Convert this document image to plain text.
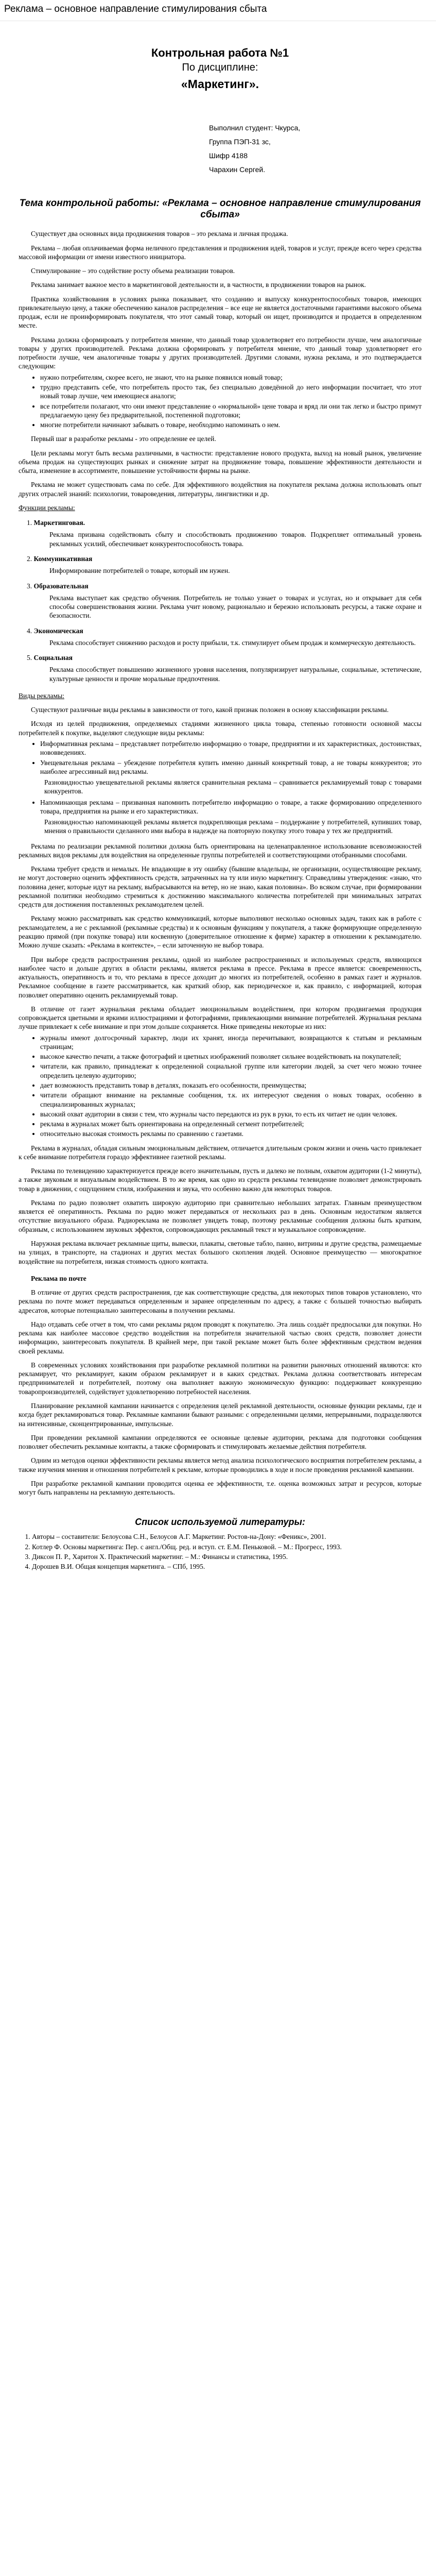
Реклама – основное направление стимулирования сбыта
Контрольная работа №1
По дисциплине:
«Маркетинг».
Выполнил студент: Чкурса,
Группа ПЭП-31 зс,
Шифр 4188
Чарахин Сергей.
Тема контрольной работы: «Реклама – основное направление стимулирования сбыта»

Существует два основных вида продвижения товаров – это реклама и личная продажа.

Реклама – любая оплачиваемая форма неличного представления и продвижения идей, товаров и услуг, прежде всего через средства массовой информации от имени известного инициатора.

Стимулирование – это содействие росту объема реализации товаров.

Реклама занимает важное место в маркетинговой деятельности и, в частности, в продвижении товаров на рынок.

Практика хозяйствования в условиях рынка показывает, что созданию и выпуску конкурентоспособных товаров, имеющих привлекательную цену, а также обеспечению каналов распределения – все еще не является достаточными гарантиями высокого объема продаж, если не проинформировать покупателя, что этот самый товар, который он ищет, производится и продается в определенном месте.

Реклама должна сформировать у потребителя мнение, что данный товар удовлетворяет его потребности лучше, чем аналогичные товары у других производителей. Реклама должна сформировать у потребителя мнение, что данный товар удовлетворяет его потребности лучше, чем аналогичные товары у других производителей. Другими словами, нужна реклама, и это подтверждается следующим:

• нужно потребителям, скорее всего, не знают, что на рынке появился новый товар;
• трудно представить себе, что потребитель просто так, без специально доведённой до него информации посчитает, что этот новый товар лучше, чем имеющиеся аналоги;
• все потребители полагают, что они имеют представление о «нормальной» цене товара и вряд ли они так легко и быстро примут предлагаемую цену без предварительной, постепенной подготовки;
• многие потребители начинают забывать о товаре, необходимо напоминать о нем.

Первый шаг в разработке рекламы - это определение ее целей.

Цели рекламы могут быть весьма различными, в частности: представление нового продукта, выход на новый рынок, увеличение объема продаж на существующих рынках и снижение затрат на продвижение товара, повышение эффективности деятельности и сбыта, изменение в ассортименте, повышение устойчивости фирмы на рынке.

Реклама не может существовать сама по себе. Для эффективного воздействия на покупателя реклама должна использовать опыт других отраслей знаний: психологии, товароведения, литературы, лингвистики и др.

Функции рекламы:

1. Маркетинговая.
Реклама призвана содействовать сбыту и способствовать продвижению товаров. Подкрепляет оптимальный уровень рекламных усилий, обеспечивает конкурентоспособность товара.
2. Коммуникативная
Информирование потребителей о товаре, который им нужен.
3. Образовательная
Реклама выступает как средство обучения. Потребитель не только узнает о товарах и услугах, но и открывает для себя способы совершенствования жизни. Реклама учит новому, рационально и бережно использовать ресурсы, а также охране и безопасности.
4. Экономическая
Реклама способствует снижению расходов и росту прибыли, т.к. стимулирует объем продаж и коммерческую деятельность.
5. Социальная
Реклама способствует повышению жизненного уровня населения, популяризирует натуральные, социальные, эстетические, культурные ценности и прочие моральные предпочтения.

Виды рекламы:

Существуют различные виды рекламы в зависимости от того, какой признак положен в основу классификации рекламы.

Исходя из целей продвижения, определяемых стадиями жизненного цикла товара, степенью готовности основной массы потребителей к покупке, выделяют следующие виды рекламы:

• Информативная реклама – представляет потребителю информацию о товаре, предприятии и их характеристиках, достоинствах, нововведениях.
• Увещевательная реклама – убеждение потребителя купить именно данный конкретный товар, а не товары конкурентов; это наиболее агрессивный вид рекламы.

Разновидностью увещевательной рекламы является сравнительная реклама – сравнивается рекламируемый товар с товарами конкурентов.

• Напоминающая реклама – призванная напомнить потребителю информацию о товаре, а также формированию определенного товара, предприятия на рынке и его характеристиках.

Разновидностью напоминающей рекламы является подкрепляющая реклама – поддержание у потребителей, купивших товар, мнения о правильности сделанного ими выбора в надежде на повторную покупку этого товара у тех же предприятий.

Реклама по реализации рекламной политики должна быть ориентирована на целенаправленное использование всевозможностей рекламных видов рекламы для воздействия на определенные группы потребителей и соответствующими отобранными способами.

Реклама требует средств и немалых. Не впадающие в эту ошибку (бывшие владельцы, не организации, осуществляющие рекламу, не могут достоверно оценить эффективность средств, затраченных на ту или иную маркетингу. Справедливы утверждения: «знаю, что половина денег, которые идут на рекламу, выбрасываются на ветер, но не знаю, какая половина». Во всяком случае, при формировании рекламной политики необходимо стремиться к достижению максимального количества потребителей при минимальных затратах средств для достижения поставленных рекламодателем целей.

Рекламу можно рассматривать как средство коммуникаций, которые выполняют несколько основных задач, таких как в работе с рекламодателем, а не с рекламной (рекламные средства) и к основным функциям у покупателя, а также формирующие определенную реакцию прямой (при покупке товара) или косвенную (доверительное отношение к фирме) характер в отношении к рекламодателю. Можно лучше сказать: «Реклама в контексте», – если заточенную не выбор товара.

При выборе средств распространения рекламы, одной из наиболее распространенных и используемых средств, являющихся наиболее часто и дольше других в области рекламы, является реклама в прессе. Реклама в прессе является: своевременность, актуальность, оперативность и то, что реклама в прессе доходит до многих из потребителей, особенно в рамках газет и журналов. Рекламное сообщение в газете рассматривается, как краткий обзор, как периодическое и, как правило, с информацией, которая позволяет оперативно оценить рекламируемый товар.

В отличие от газет журнальная реклама обладает эмоциональным воздействием, при котором продвигаемая продукция сопровождается цветными и яркими иллюстрациями и фотографиями, привлекающими внимание потребителей. Журнальная реклама лучше привлекает к себе внимание и при этом дольше сохраняется. Ниже приведены некоторые из них:

• журналы имеют долгосрочный характер, люди их хранят, иногда перечитывают, возвращаются к статьям и рекламным страницам;
• высокое качество печати, а также фотографий и цветных изображений позволяет сильнее воздействовать на покупателей;
• читатели, как правило, принадлежат к определенной социальной группе или категории людей, за счет чего можно точнее определить целевую аудиторию;
• дает возможность представить товар в деталях, показать его особенности, преимущества;
• читатели обращают внимание на рекламные сообщения, т.к. их интересуют сведения о новых товарах, особенно в специализированных журналах;
• высокий охват аудитории в связи с тем, что журналы часто передаются из рук в руки, то есть их читает не один человек.
• реклама в журналах может быть ориентирована на определенный сегмент потребителей;
• относительно высокая стоимость рекламы по сравнению с газетами.

Реклама в журналах, обладая сильным эмоциональным действием, отличается длительным сроком жизни и очень часто привлекает к себе внимание потребителя гораздо эффективнее газетной рекламы.

Реклама по телевидению характеризуется прежде всего значительным, пусть и далеко не полным, охватом аудитории (1-2 минуты), а также звуковым и визуальным воздействием. В то же время, как одно из средств рекламы телевидение позволяет демонстрировать товар в движении, с ощущением стиля, изображения и звука, что особенно важно для некоторых товаров.

Реклама по радио позволяет охватить широкую аудиторию при сравнительно небольших затратах. Главным преимуществом является её оперативность. Реклама по радио может передаваться от нескольких раз в день. Основным недостатком является отсутствие визуального образа. Радиореклама не позволяет увидеть товар, поэтому рекламные сообщения должны быть кратким, образным, с использованием звуковых эффектов, сопровождающих рекламный текст и музыкальное сопровождение.

Наружная реклама включает рекламные щиты, вывески, плакаты, световые табло, панно, витрины и другие средства, размещаемые на улицах, в транспорте, на стадионах и других местах большого скопления людей. Основное преимущество — многократное воздействие на потребителя, низкая стоимость одного контакта.

Реклама по почте

В отличие от других средств распространения, где как соответствующие средства, для некоторых типов товаров установлено, что реклама по почте может передаваться определенным и заранее определенным по адресу, а также с большей точностью выбирать адресатов, которые потенциально заинтересованы в получении рекламы.

Надо отдавать себе отчет в том, что сами рекламы рядом проводят к покупателю. Эта лишь создаёт предпосылки для покупки. Но реклама как наиболее массовое средство воздействия на потребителя значительной частью своих средств, позволяет донести информацию, заинтересовать покупателя. В крайней мере, при такой рекламе может быть более эффективным средством ведения своей рекламы.

В современных условиях хозяйствования при разработке рекламной политики на развитии рыночных отношений являются: кто рекламирует, что рекламирует, каким образом рекламирует и в каких средствах. Реклама должна соответствовать интересам предпринимателей и потребителей, поэтому она выполняет важную экономическую функцию: поддерживает конкуренцию товаропроизводителей, содействует удовлетворению потребностей населения.

Планирование рекламной кампании начинается с определения целей рекламной деятельности, основные функции рекламы, где и когда будет рекламироваться товар. Рекламные кампании бывают разными: с определенными целями, непрерывными, подразделяются на интенсивные, сконцентрированные, импульсные.

При проведении рекламной кампании определяются ее основные целевые аудитории, реклама для подготовки сообщения позволяет обеспечить рекламные контакты, а также сформировать и стимулировать желаемые действия потребителя.

Одним из методов оценки эффективности рекламы является метод анализа психологического восприятия потребителем рекламы, а также изучения мнения и отношения потребителей к рекламе, которые проводились в ходе и после проведения рекламной кампании.

При разработке рекламной кампании проводится оценка ее эффективности, т.е. оценка возможных затрат и ресурсов, которые могут быть направлены на рекламную деятельность.

Список используемой литературы:
1. Авторы – составители: Белоусова С.Н., Белоусов А.Г. Маркетинг. Ростов-на-Дону: «Феникс», 2001.
2. Котлер Ф. Основы маркетинга: Пер. с англ./Общ. ред. и вступ. ст. Е.М. Пеньковой. – М.: Прогресс, 1993.
3. Диксон П. Р., Харитон Х. Практический маркетинг. – М.: Финансы и статистика, 1995.
4. Дорошев В.И. Общая концепция маркетинга. – СПб, 1995.
